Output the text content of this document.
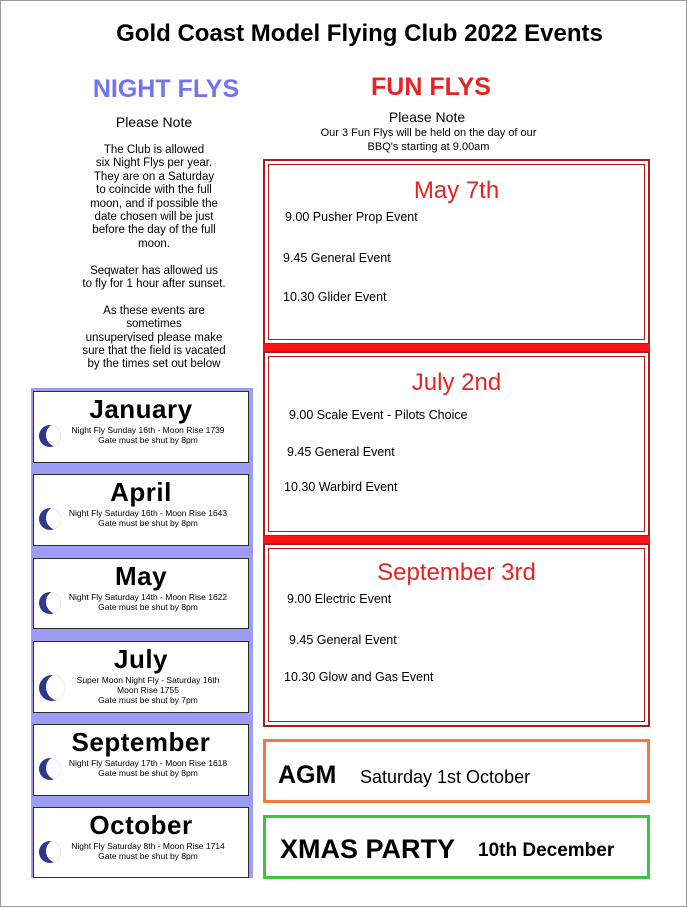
Gold Coast Model Flying Club 2022 Events
NIGHT FLYS	FUN FLYS
Please Note	Please Note
Our 3 Fun Flys will be held on the day of our
BBQ's starting at 9.00am

The Club is allowed
six Night Flys per year.
They are on a Saturday
to coincide with the full
moon, and if possible the
date chosen will be just
before the day of the full
moon.

Seqwater has allowed us
to fly for 1 hour after sunset.

As these events are
sometimes
unsupervised please make
sure that the field is vacated
by the times set out below

January
Night Fly Sunday 16th - Moon Rise 1739
Gate must be shut by 8pm
April
Night Fly Saturday 16th - Moon Rise 1643
Gate must be shut by 8pm
May
Night Fly Saturday 14th - Moon Rise 1622
Gate must be shut by 8pm
July
Super Moon Night Fly - Saturday 16th
Moon Rise 1755
Gate must be shut by 7pm
September
Night Fly Saturday 17th - Moon Rise 1618
Gate must be shut by 8pm
October
Night Fly Saturday 8th - Moon Rise 1714
Gate must be shut by 8pm
May 7th
9.00 Pusher Prop Event
9.45 General Event
10.30 Glider Event
July 2nd
9.00 Scale Event - Pilots Choice
9.45 General Event
10.30 Warbird Event
September 3rd
9.00 Electric Event
9.45 General Event
10.30 Glow and Gas Event
AGM Saturday 1st October
XMAS PARTY 10th December
